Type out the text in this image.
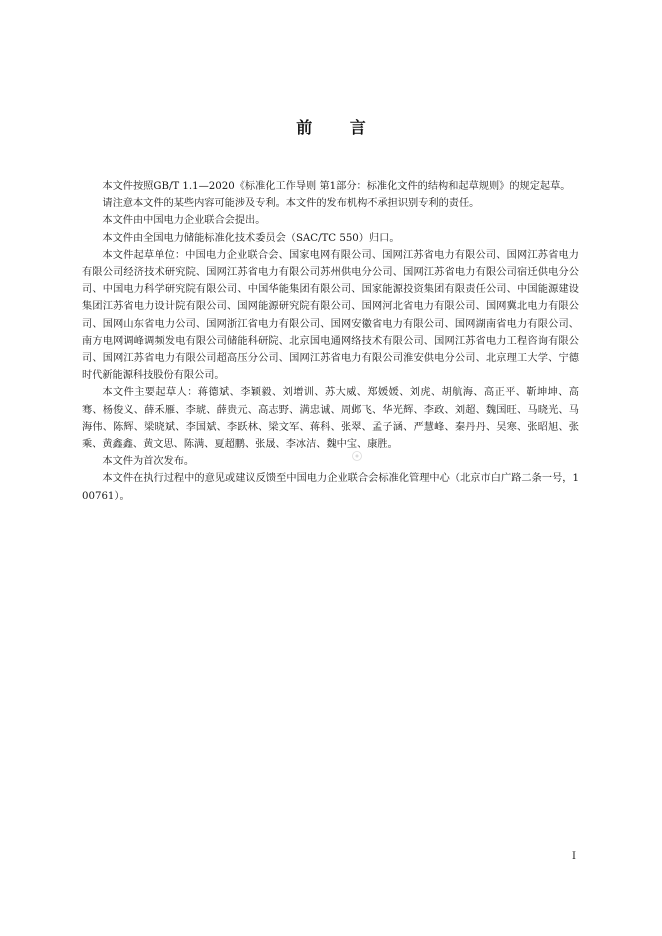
前 言

本文件按照GB/T 1.1—2020《标准化工作导则 第1部分：标准化文件的结构和起草规则》的规定起草。

请注意本文件的某些内容可能涉及专利。本文件的发布机构不承担识别专利的责任。

本文件由中国电力企业联合会提出。

本文件由全国电力储能标准化技术委员会（SAC/TC 550）归口。

本文件起草单位：中国电力企业联合会、国家电网有限公司、国网江苏省电力有限公司、国网江苏省电力有限公司经济技术研究院、国网江苏省电力有限公司苏州供电分公司、国网江苏省电力有限公司宿迁供电分公司、中国电力科学研究院有限公司、中国华能集团有限公司、国家能源投资集团有限责任公司、中国能源建设集团江苏省电力设计院有限公司、国网能源研究院有限公司、国网河北省电力有限公司、国网冀北电力有限公司、国网山东省电力公司、国网浙江省电力有限公司、国网安徽省电力有限公司、国网湖南省电力有限公司、南方电网调峰调频发电有限公司储能科研院、北京国电通网络技术有限公司、国网江苏省电力工程咨询有限公司、国网江苏省电力有限公司超高压分公司、国网江苏省电力有限公司淮安供电分公司、北京理工大学、宁德时代新能源科技股份有限公司。

本文件主要起草人：蒋德斌、李颖毅、刘增训、苏大威、郑媛媛、刘虎、胡航海、高正平、靳坤坤、高骞、杨俊义、薛禾雁、李琥、薛贵元、高志野、满忠诚、周邺飞、华光辉、李政、刘超、魏国旺、马晓光、马海伟、陈辉、梁晓斌、李国斌、李跃林、梁文军、蒋科、张翠、孟子涵、严慧峰、秦丹丹、吴寒、张昭旭、张乘、黄鑫鑫、黄文思、陈满、夏超鹏、张晟、李冰洁、魏中宝、康胜。

本文件为首次发布。

本文件在执行过程中的意见或建议反馈至中国电力企业联合会标准化管理中心（北京市白广路二条一号，100761）。

I
